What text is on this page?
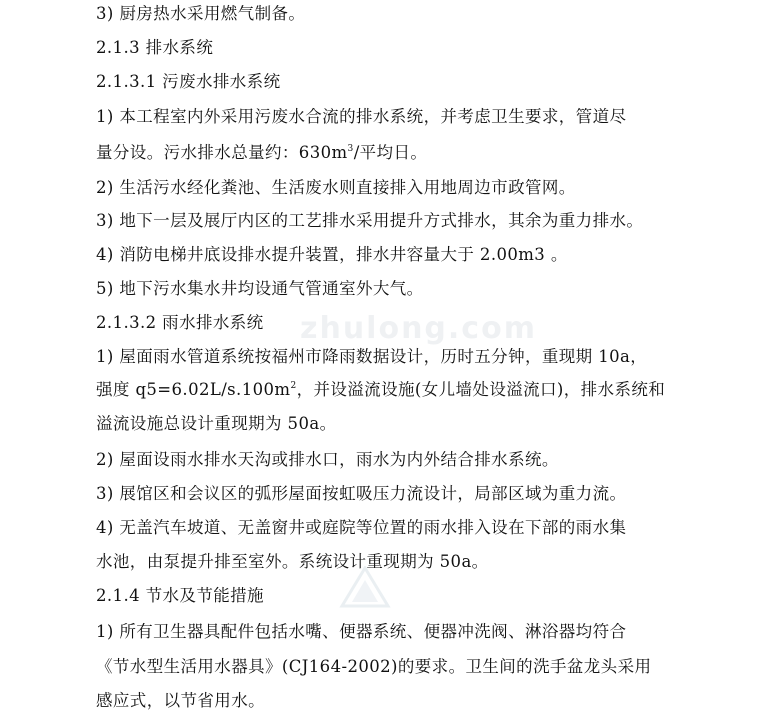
zhulong.com
3) 厨房热水采用燃气制备。
2.1.3 排水系统
2.1.3.1 污废水排水系统
1) 本工程室内外采用污废水合流的排水系统，并考虑卫生要求，管道尽
量分设。污水排水总量约：$630m^3/$平均日。
2) 生活污水经化粪池、生活废水则直接排入用地周边市政管网。
3) 地下一层及展厅内区的工艺排水采用提升方式排水，其余为重力排水。
4) 消防电梯井底设排水提升装置，排水井容量大于 2.00m3 。
5) 地下污水集水井均设通气管通室外大气。
2.1.3.2 雨水排水系统
1) 屋面雨水管道系统按福州市降雨数据设计，历时五分钟，重现期 10a，
强度 $q5=6.02L/s.100m^2$，并设溢流设施(女儿墙处设溢流口)，排水系统和
溢流设施总设计重现期为 50a。
2) 屋面设雨水排水天沟或排水口，雨水为内外结合排水系统。
3) 展馆区和会议区的弧形屋面按虹吸压力流设计，局部区域为重力流。
4) 无盖汽车坡道、无盖窗井或庭院等位置的雨水排入设在下部的雨水集
水池，由泵提升排至室外。系统设计重现期为 50a。
2.1.4 节水及节能措施
1) 所有卫生器具配件包括水嘴、便器系统、便器冲洗阀、淋浴器均符合
《节水型生活用水器具》(CJ164-2002)的要求。卫生间的洗手盆龙头采用
感应式，以节省用水。
